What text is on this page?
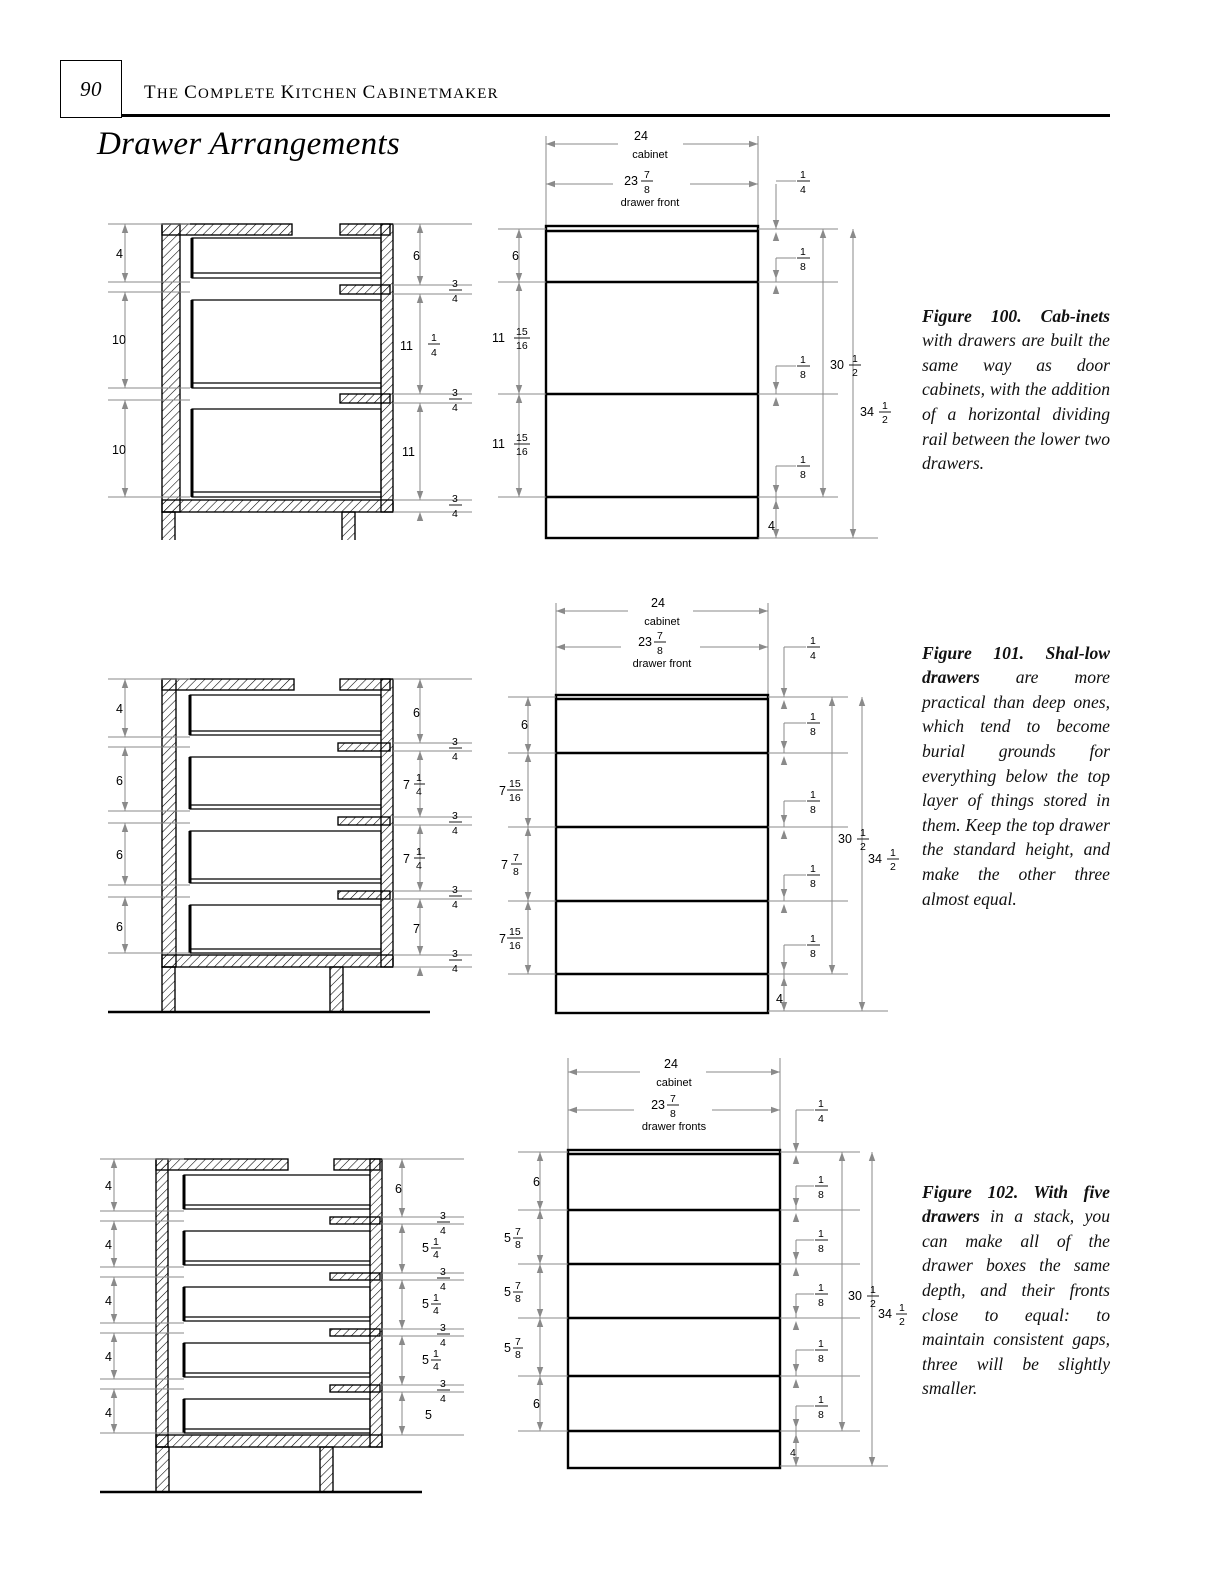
90	THE COMPLETE KITCHEN CABINETMAKER
Drawer Arrangements
4
10
10
6
3
4
11
1
4
3
4
11
3
4
24
cabinet
23 7
8
drawer front
6
11 15
16
11 15
16
1
4
1
8
1
8
1
8
4
30 1
2
34 1
2

Figure 100. Cab-inets with drawers are built the same way as door cabinets, with the addition of a horizontal dividing rail between the lower two drawers.

4
6
6
6
6
3
4
7 1
4
3
4
7 1
4
3
4
7
3
4
24
cabinet
23 7
8
drawer front
6
7 15
16
7 7
8
7 15
16
1
4
1
8
1
8
1
8
1
8
4
30 1
2
34 1
2

Figure 101. Shal-low drawers are more practical than deep ones, which tend to become burial grounds for everything below the top layer of things stored in them. Keep the top drawer the standard height, and make the other three almost equal.

4
4
4
4
4
6
3
4
5 1
4
3
4
5 1
4
3
4
5 1
4
3
4
5
24
cabinet
23 7
8
drawer fronts
6
5 7
8
5 7
8
5 7
8
6
1
4
1
8
1
8
1
8
1
8
1
8
4
30 1
2
34 1
2

Figure 102. With five drawers in a stack, you can make all of the drawer boxes the same depth, and their fronts close to equal: to maintain consistent gaps, three will be slightly smaller.
